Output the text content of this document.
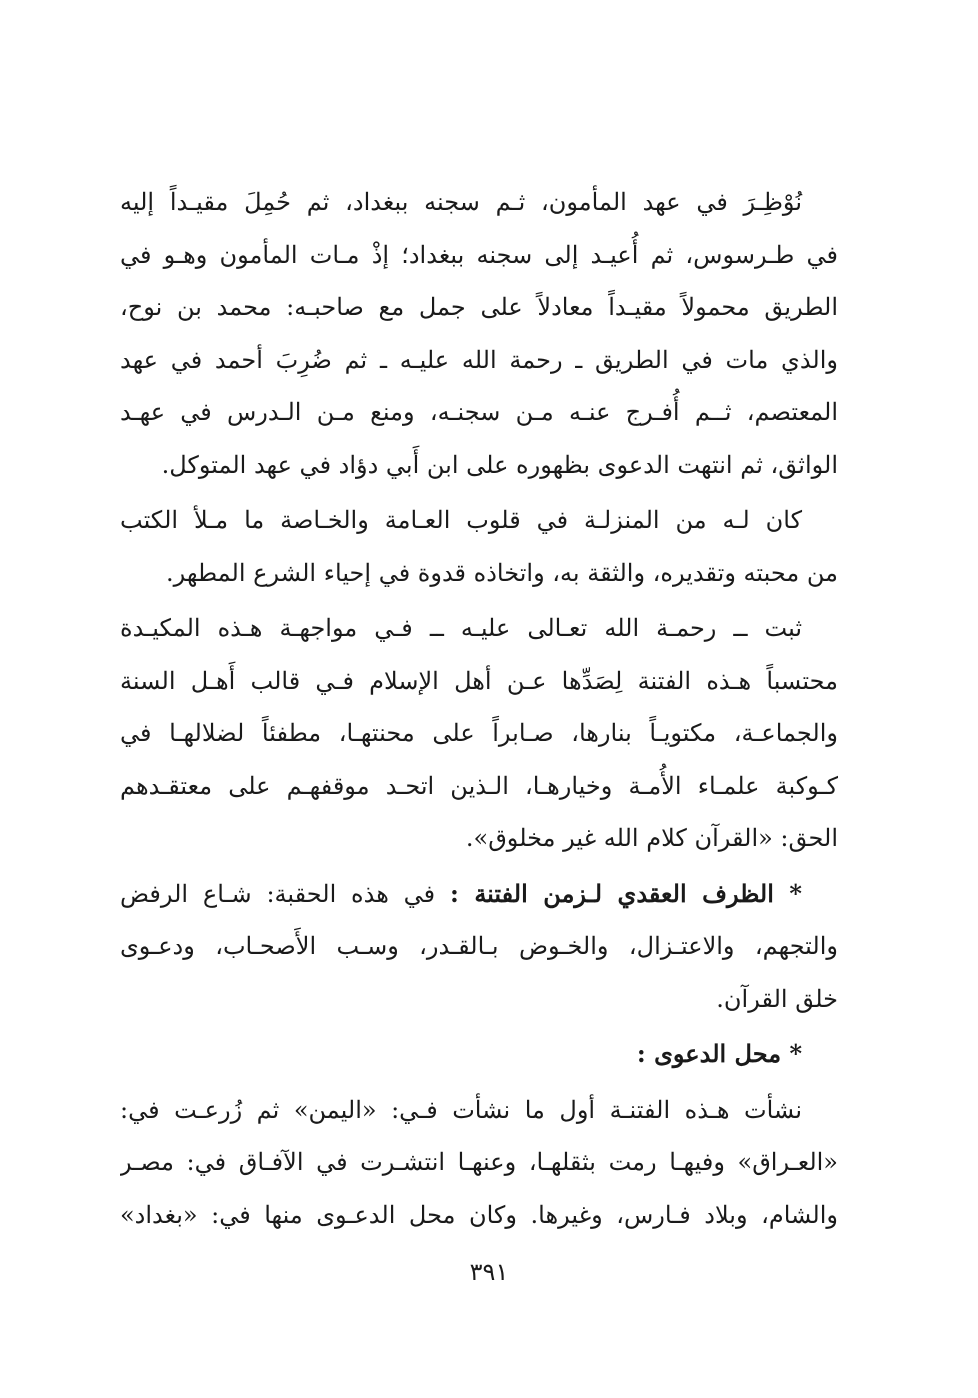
نُوْظِـرَ في عهد المأمون، ثـم سجنه ببغداد، ثم حُمِلَ مقيـداً إليه
في طـرسوس، ثم أُعيـد إلى سجنه ببغداد؛ إذْ مـات المأمون وهـو في
الطريق محمولاً مقيـداً معادلاً على جمل مع صاحبـه: محمد بن نوح،
والذي مات في الطريق ـ رحمة الله عليـه ـ ثم ضُرِبَ أحمد في عهد
المعتصم، ثــم أُفـرج عنـه مـن سجنـه، ومنع مـن الـدرس في عهـد
الواثق، ثم انتهت الدعوى بظهوره على ابن أَبي دؤاد في عهد المتوكل.
كان لـه من المنزلـة في قلوب العـامة والخـاصة ما مـلأ الكتب
من محبته وتقديره، والثقة به، واتخاذه قدوة في إحياء الشرع المطهر.
ثبت ــ رحمـة الله تعـالى عليـه ــ فـي مواجهـة هـذه المكيـدة
محتسباً هـذه الفتنة لِصَدِّها عـن أهل الإسلام فـي قالب أَهـل السنة
والجماعـة، مكتويـاً بنارها، صـابراً على محنتهـا، مطفئاً لضلالهـا في
كـوكبة علمـاء الأُمـة وخيارهـا، الـذين اتحـد موقفهـم على معتقـدهم
الحق: «القرآن كلام الله غير مخلوق».
* الظرف العقدي لـزمن الفتنة : في هذه الحقبة: شـاع الرفض
والتجهم، والاعتـزال، والخـوض بـالقـدر، وسـب الأَصحـاب، ودعـوى
خلق القرآن.
* محل الدعوى :
نشأت هـذه الفتنـة أول ما نشأت فـي: «اليمن» ثم زُرعـت في:
«العـراق» وفيهـا رمت بثقلهـا، وعنهـا انتشـرت في الآفـاق في: مصـر
والشام، وبلاد فـارس، وغيرها. وكان محل الدعـوى منها في: «بغداد»
٣٩١
